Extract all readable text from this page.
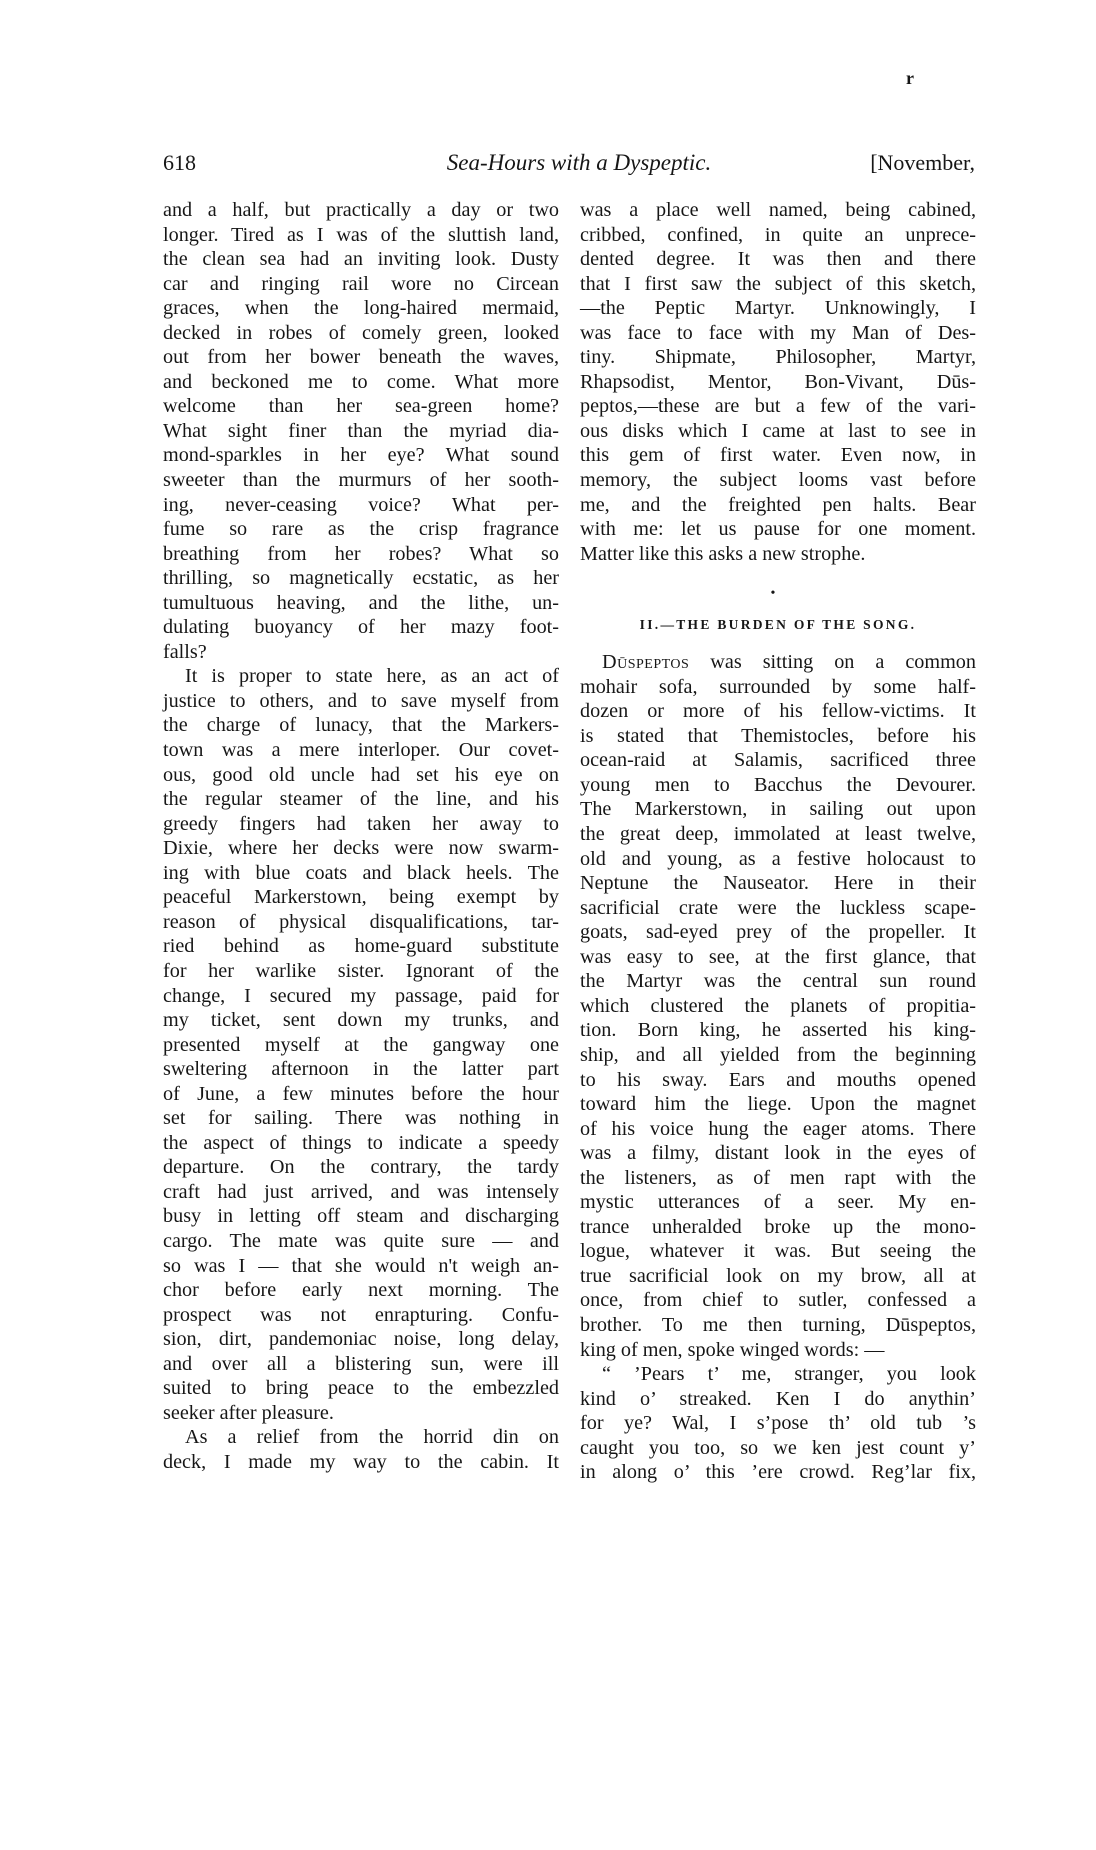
r
618	Sea-Hours with a Dyspeptic.	[November,
and a half, but practically a day or two
longer. Tired as I was of the sluttish land,
the clean sea had an inviting look. Dusty
car and ringing rail wore no Circean
graces, when the long-haired mermaid,
decked in robes of comely green, looked
out from her bower beneath the waves,
and beckoned me to come. What more
welcome than her sea-green home?
What sight finer than the myriad dia-
mond-sparkles in her eye? What sound
sweeter than the murmurs of her sooth-
ing, never-ceasing voice? What per-
fume so rare as the crisp fragrance
breathing from her robes? What so
thrilling, so magnetically ecstatic, as her
tumultuous heaving, and the lithe, un-
dulating buoyancy of her mazy foot-
falls?
It is proper to state here, as an act of
justice to others, and to save myself from
the charge of lunacy, that the Markers-
town was a mere interloper. Our covet-
ous, good old uncle had set his eye on
the regular steamer of the line, and his
greedy fingers had taken her away to
Dixie, where her decks were now swarm-
ing with blue coats and black heels. The
peaceful Markerstown, being exempt by
reason of physical disqualifications, tar-
ried behind as home-guard substitute
for her warlike sister. Ignorant of the
change, I secured my passage, paid for
my ticket, sent down my trunks, and
presented myself at the gangway one
sweltering afternoon in the latter part
of June, a few minutes before the hour
set for sailing. There was nothing in
the aspect of things to indicate a speedy
departure. On the contrary, the tardy
craft had just arrived, and was intensely
busy in letting off steam and discharging
cargo. The mate was quite sure — and
so was I — that she would n't weigh an-
chor before early next morning. The
prospect was not enrapturing. Confu-
sion, dirt, pandemoniac noise, long delay,
and over all a blistering sun, were ill
suited to bring peace to the embezzled
seeker after pleasure.
As a relief from the horrid din on
deck, I made my way to the cabin. It
was a place well named, being cabined,
cribbed, confined, in quite an unprece-
dented degree. It was then and there
that I first saw the subject of this sketch,
—the Peptic Martyr. Unknowingly, I
was face to face with my Man of Des-
tiny. Shipmate, Philosopher, Martyr,
Rhapsodist, Mentor, Bon-Vivant, Dūs-
peptos,—these are but a few of the vari-
ous disks which I came at last to see in
this gem of first water. Even now, in
memory, the subject looms vast before
me, and the freighted pen halts. Bear
with me: let us pause for one moment.
Matter like this asks a new strophe.
•
II.—THE BURDEN OF THE SONG.
Dūspeptos was sitting on a common
mohair sofa, surrounded by some half-
dozen or more of his fellow-victims. It
is stated that Themistocles, before his
ocean-raid at Salamis, sacrificed three
young men to Bacchus the Devourer.
The Markerstown, in sailing out upon
the great deep, immolated at least twelve,
old and young, as a festive holocaust to
Neptune the Nauseator. Here in their
sacrificial crate were the luckless scape-
goats, sad-eyed prey of the propeller. It
was easy to see, at the first glance, that
the Martyr was the central sun round
which clustered the planets of propitia-
tion. Born king, he asserted his king-
ship, and all yielded from the beginning
to his sway. Ears and mouths opened
toward him the liege. Upon the magnet
of his voice hung the eager atoms. There
was a filmy, distant look in the eyes of
the listeners, as of men rapt with the
mystic utterances of a seer. My en-
trance unheralded broke up the mono-
logue, whatever it was. But seeing the
true sacrificial look on my brow, all at
once, from chief to sutler, confessed a
brother. To me then turning, Dūspeptos,
king of men, spoke winged words: —
“ ’Pears t’ me, stranger, you look
kind o’ streaked. Ken I do anythin’
for ye? Wal, I s’pose th’ old tub ’s
caught you too, so we ken jest count y’
in along o’ this ’ere crowd. Reg’lar fix,
